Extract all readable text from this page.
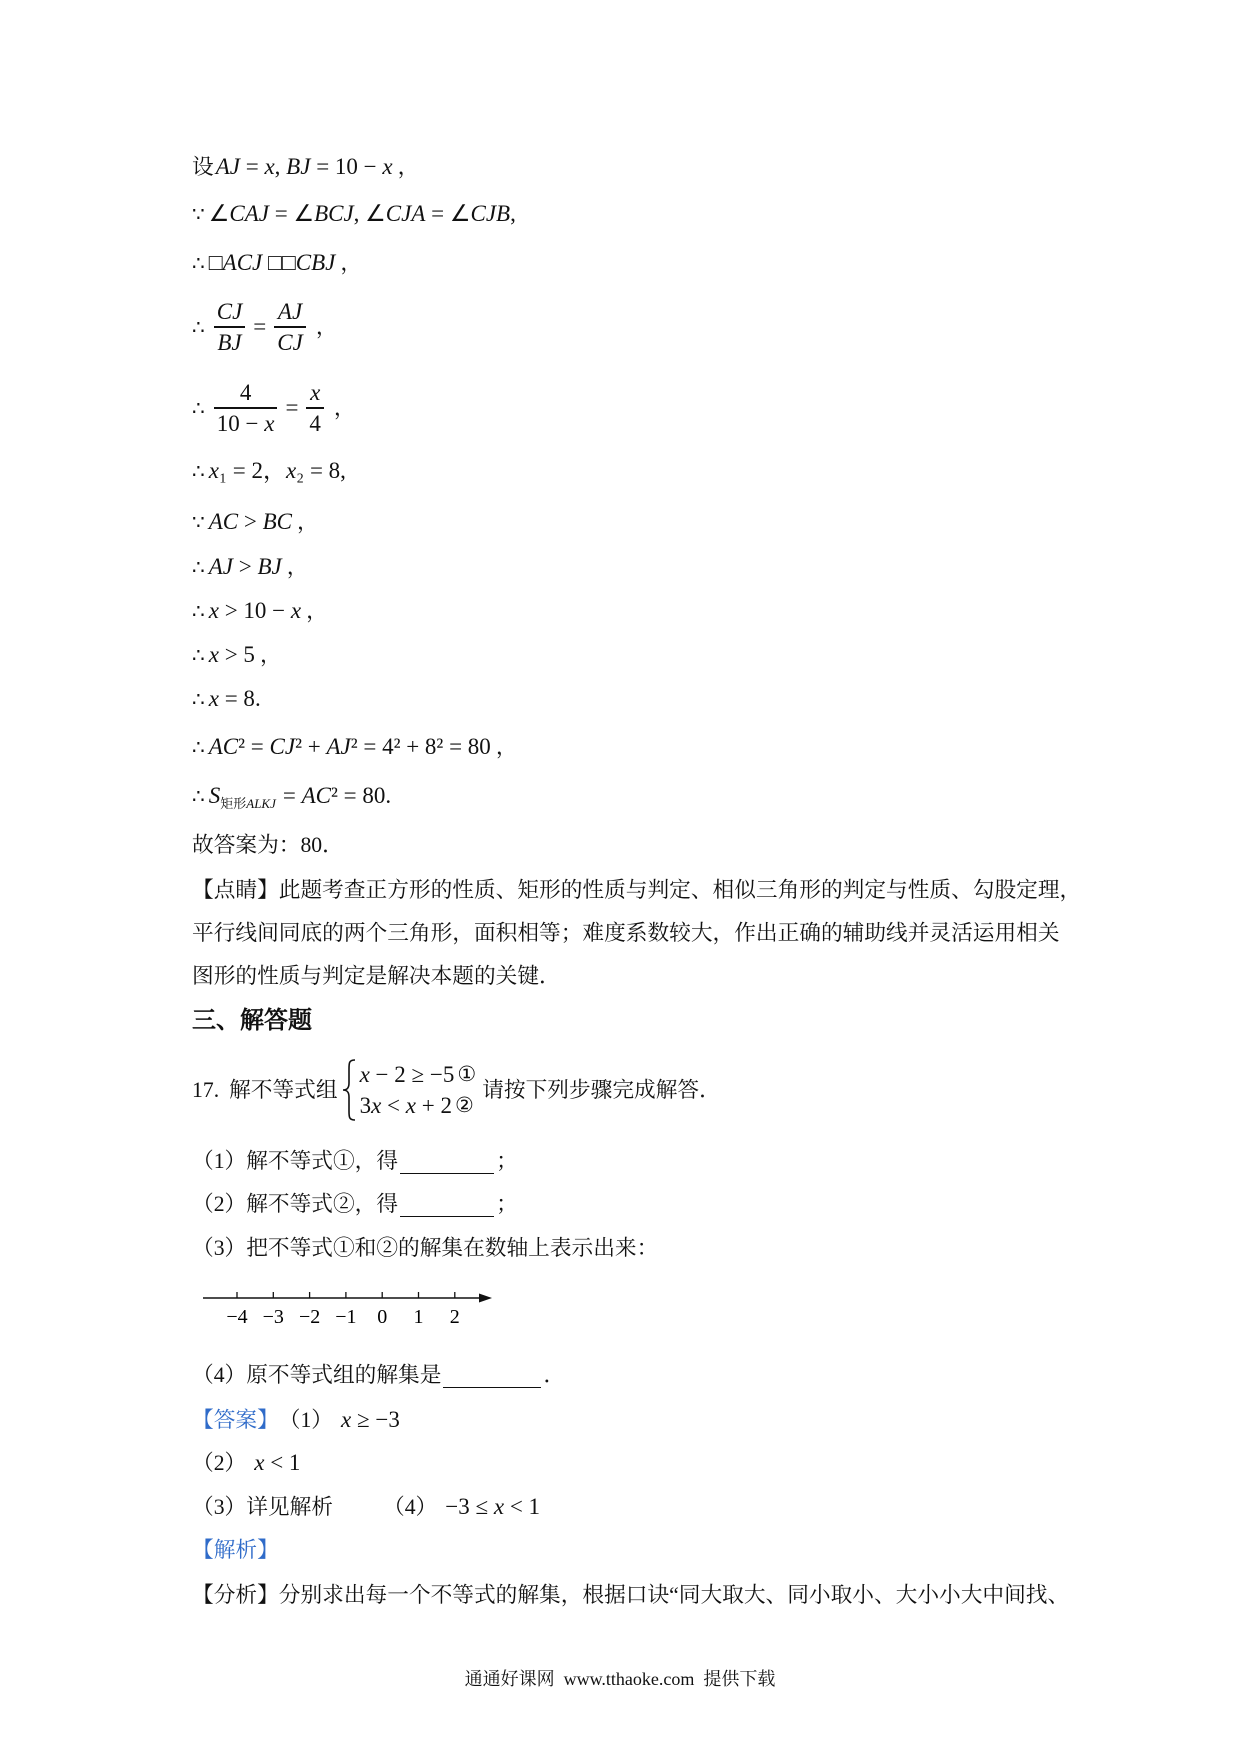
设 AJ = x, BJ = 10 − x ，
∵ ∠CAJ = ∠BCJ, ∠CJA = ∠CJB ,
∴ □ACJ □□CBJ ，
∴ $\frac{CJ}{BJ} = \frac{AJ}{CJ}$ ，
∴ $\frac{4}{10 - x} = \frac{x}{4}$ ，
∴ x₁ = 2，x₂ = 8 ,
∵ AC > BC ，
∴ AJ > BJ ，
∴ x > 10 − x ，
∴ x > 5 ，
∴ x = 8 .
∴ AC² = CJ² + AJ² = 4² + 8² = 80 ，
∴ S 矩形ALKJ = AC² = 80 .
故答案为：80．
【点睛】 此题考查正方形的性质、矩形的性质与判定、相似三角形的判定与性质、勾股定理，
平行线间同底的两个三角形，面积相等；难度系数较大，作出正确的辅助线并灵活运用相关
图形的性质与判定是解决本题的关键．
三、解答题
17. 解不等式组
x − 2 ≥ −5 ①
3x < x + 2 ②
请按下列步骤完成解答．
（1） 解不等式①，得	；
（2） 解不等式②，得	；
（3） 把不等式①和②的解集在数轴上表示出来：
−4 −3 −2 −1 0 1 2
（4） 原不等式组的解集是	．
【答案】 （1） x ≥ −3
（2） x < 1
（3） 详见解析 （4） −3 ≤ x < 1
【解析】
【分析】 分别求出每一个不等式的解集，根据口诀“同大取大、同小取小、大小小大中间找、
通通好课网  www.tthaoke.com  提供下载
